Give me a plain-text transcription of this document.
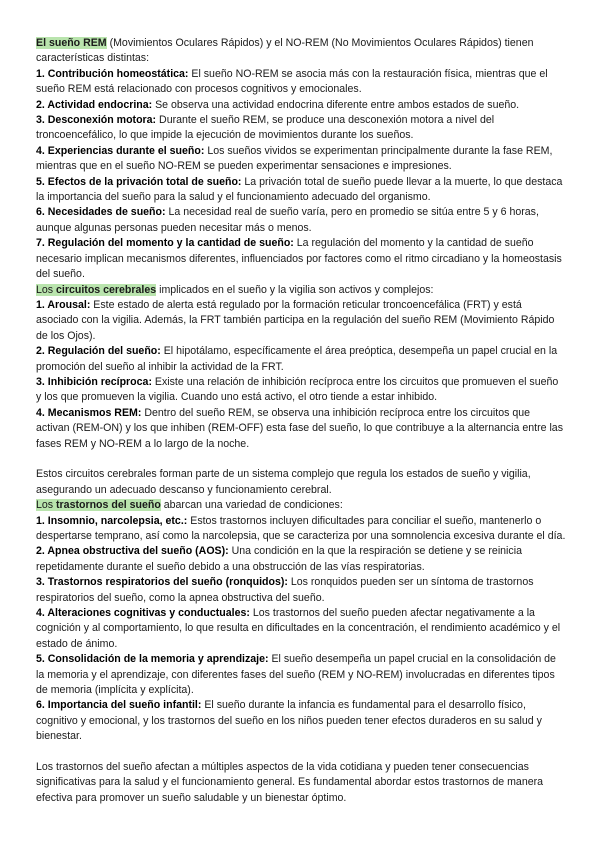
El sueño REM (Movimientos Oculares Rápidos) y el NO-REM (No Movimientos Oculares Rápidos) tienen características distintas:

1. Contribución homeostática: El sueño NO-REM se asocia más con la restauración física, mientras que el sueño REM está relacionado con procesos cognitivos y emocionales.

2. Actividad endocrina: Se observa una actividad endocrina diferente entre ambos estados de sueño.

3. Desconexión motora: Durante el sueño REM, se produce una desconexión motora a nivel del troncoencefálico, lo que impide la ejecución de movimientos durante los sueños.

4. Experiencias durante el sueño: Los sueños vividos se experimentan principalmente durante la fase REM, mientras que en el sueño NO-REM se pueden experimentar sensaciones e impresiones.

5. Efectos de la privación total de sueño: La privación total de sueño puede llevar a la muerte, lo que destaca la importancia del sueño para la salud y el funcionamiento adecuado del organismo.

6. Necesidades de sueño: La necesidad real de sueño varía, pero en promedio se sitúa entre 5 y 6 horas, aunque algunas personas pueden necesitar más o menos.

7. Regulación del momento y la cantidad de sueño: La regulación del momento y la cantidad de sueño necesario implican mecanismos diferentes, influenciados por factores como el ritmo circadiano y la homeostasis del sueño.

Los circuitos cerebrales implicados en el sueño y la vigilia son activos y complejos:

1. Arousal: Este estado de alerta está regulado por la formación reticular troncoencefálica (FRT) y está asociado con la vigilia. Además, la FRT también participa en la regulación del sueño REM (Movimiento Rápido de los Ojos).

2. Regulación del sueño: El hipotálamo, específicamente el área preóptica, desempeña un papel crucial en la promoción del sueño al inhibir la actividad de la FRT.

3. Inhibición recíproca: Existe una relación de inhibición recíproca entre los circuitos que promueven el sueño y los que promueven la vigilia. Cuando uno está activo, el otro tiende a estar inhibido.

4. Mecanismos REM: Dentro del sueño REM, se observa una inhibición recíproca entre los circuitos que activan (REM-ON) y los que inhiben (REM-OFF) esta fase del sueño, lo que contribuye a la alternancia entre las fases REM y NO-REM a lo largo de la noche.

Estos circuitos cerebrales forman parte de un sistema complejo que regula los estados de sueño y vigilia, asegurando un adecuado descanso y funcionamiento cerebral.

Los trastornos del sueño abarcan una variedad de condiciones:

1. Insomnio, narcolepsia, etc.: Estos trastornos incluyen dificultades para conciliar el sueño, mantenerlo o despertarse temprano, así como la narcolepsia, que se caracteriza por una somnolencia excesiva durante el día.

2. Apnea obstructiva del sueño (AOS): Una condición en la que la respiración se detiene y se reinicia repetidamente durante el sueño debido a una obstrucción de las vías respiratorias.

3. Trastornos respiratorios del sueño (ronquidos): Los ronquidos pueden ser un síntoma de trastornos respiratorios del sueño, como la apnea obstructiva del sueño.

4. Alteraciones cognitivas y conductuales: Los trastornos del sueño pueden afectar negativamente a la cognición y al comportamiento, lo que resulta en dificultades en la concentración, el rendimiento académico y el estado de ánimo.

5. Consolidación de la memoria y aprendizaje: El sueño desempeña un papel crucial en la consolidación de la memoria y el aprendizaje, con diferentes fases del sueño (REM y NO-REM) involucradas en diferentes tipos de memoria (implícita y explícita).

6. Importancia del sueño infantil: El sueño durante la infancia es fundamental para el desarrollo físico, cognitivo y emocional, y los trastornos del sueño en los niños pueden tener efectos duraderos en su salud y bienestar.

Los trastornos del sueño afectan a múltiples aspectos de la vida cotidiana y pueden tener consecuencias significativas para la salud y el funcionamiento general. Es fundamental abordar estos trastornos de manera efectiva para promover un sueño saludable y un bienestar óptimo.
